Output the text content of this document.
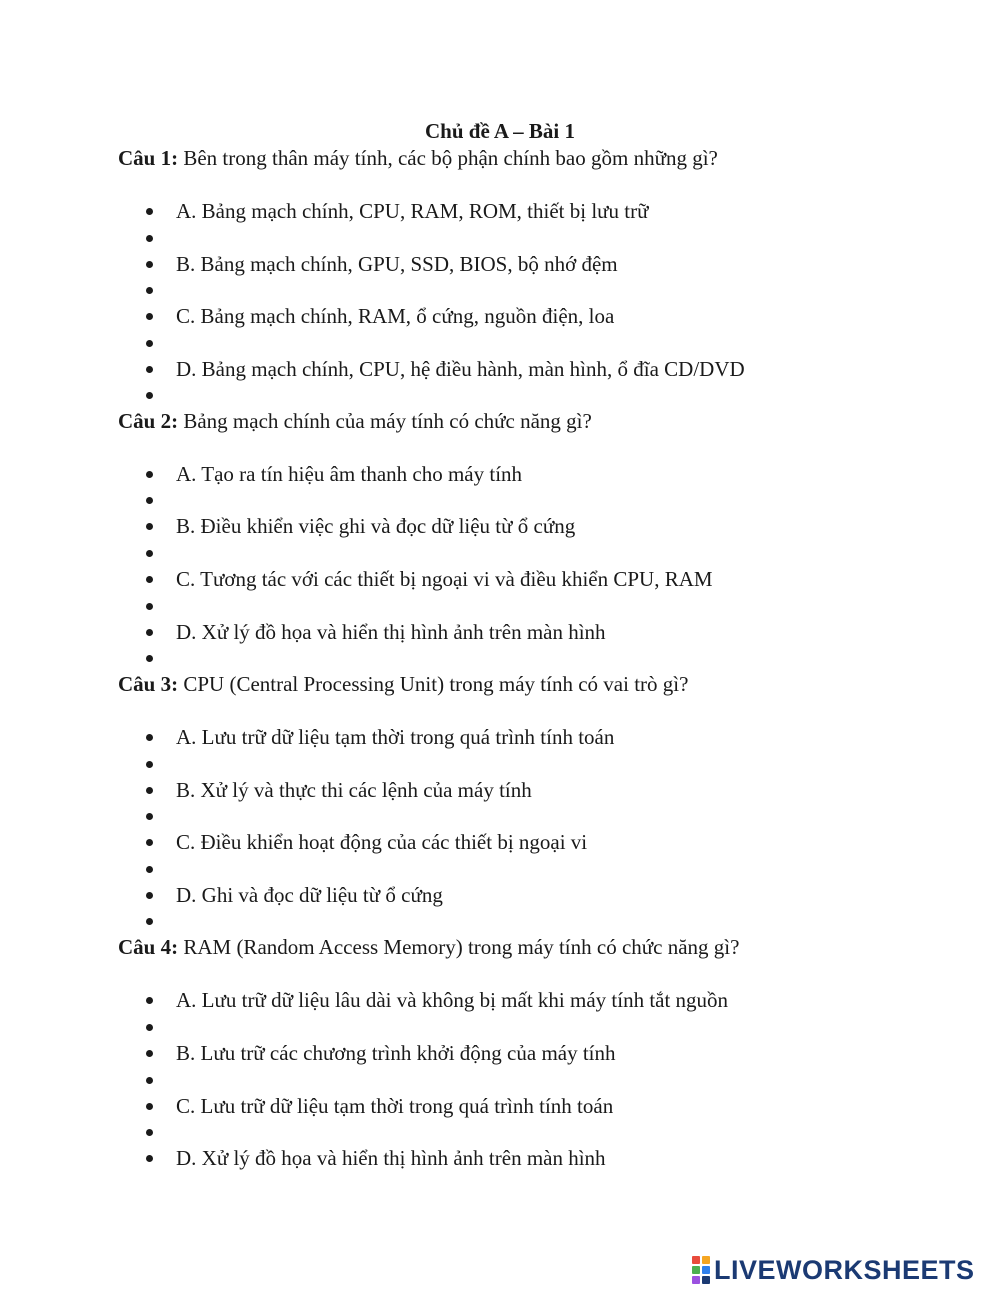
Chủ đề A – Bài 1
Câu 1: Bên trong thân máy tính, các bộ phận chính bao gồm những gì?
A. Bảng mạch chính, CPU, RAM, ROM, thiết bị lưu trữ
B. Bảng mạch chính, GPU, SSD, BIOS, bộ nhớ đệm
C. Bảng mạch chính, RAM, ổ cứng, nguồn điện, loa
D. Bảng mạch chính, CPU, hệ điều hành, màn hình, ổ đĩa CD/DVD
Câu 2: Bảng mạch chính của máy tính có chức năng gì?
A. Tạo ra tín hiệu âm thanh cho máy tính
B. Điều khiển việc ghi và đọc dữ liệu từ ổ cứng
C. Tương tác với các thiết bị ngoại vi và điều khiển CPU, RAM
D. Xử lý đồ họa và hiển thị hình ảnh trên màn hình
Câu 3: CPU (Central Processing Unit) trong máy tính có vai trò gì?
A. Lưu trữ dữ liệu tạm thời trong quá trình tính toán
B. Xử lý và thực thi các lệnh của máy tính
C. Điều khiển hoạt động của các thiết bị ngoại vi
D. Ghi và đọc dữ liệu từ ổ cứng
Câu 4: RAM (Random Access Memory) trong máy tính có chức năng gì?
A. Lưu trữ dữ liệu lâu dài và không bị mất khi máy tính tắt nguồn
B. Lưu trữ các chương trình khởi động của máy tính
C. Lưu trữ dữ liệu tạm thời trong quá trình tính toán
D. Xử lý đồ họa và hiển thị hình ảnh trên màn hình
LIVEWORKSHEETS
